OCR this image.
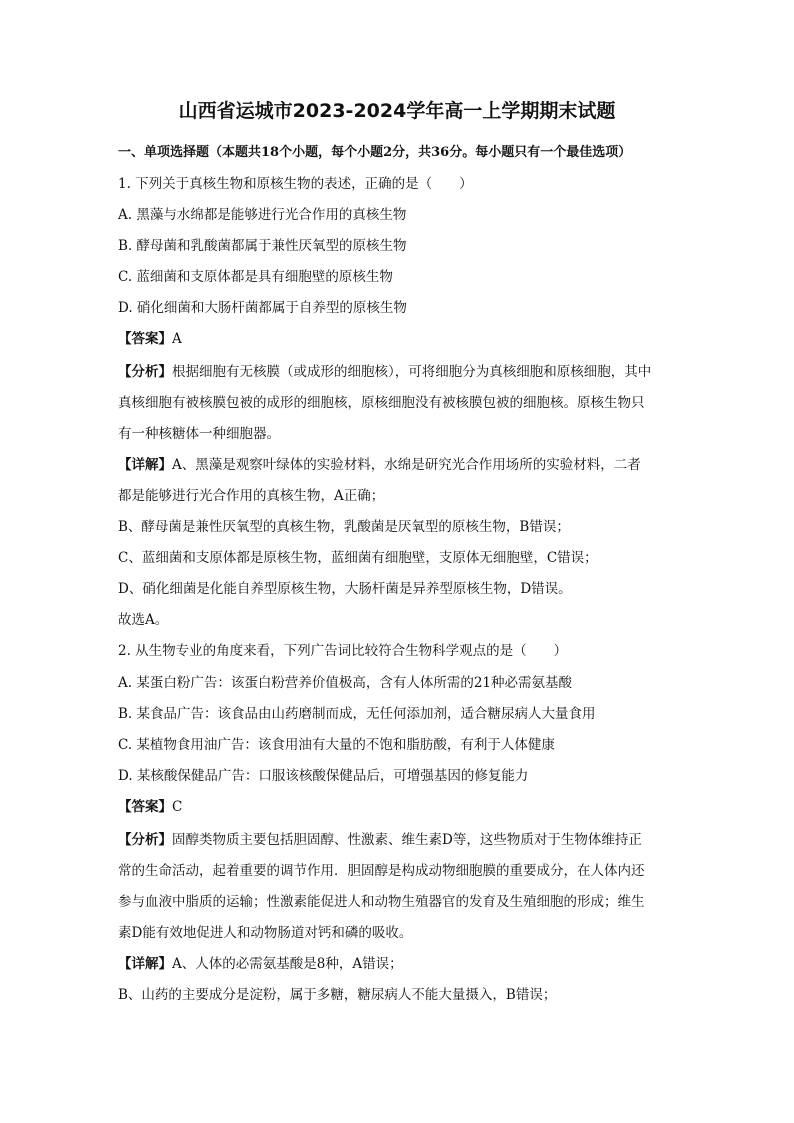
山西省运城市2023-2024学年高一上学期期末试题
一、单项选择题（本题共18个小题，每个小题2分，共36分。每小题只有一个最佳选项）
1. 下列关于真核生物和原核生物的表述，正确的是（　　）
A. 黑藻与水绵都是能够进行光合作用的真核生物
B. 酵母菌和乳酸菌都属于兼性厌氧型的原核生物
C. 蓝细菌和支原体都是具有细胞壁的原核生物
D. 硝化细菌和大肠杆菌都属于自养型的原核生物
【答案】A
【分析】根据细胞有无核膜（或成形的细胞核），可将细胞分为真核细胞和原核细胞，其中
真核细胞有被核膜包被的成形的细胞核，原核细胞没有被核膜包被的细胞核。原核生物只
有一种核糖体一种细胞器。
【详解】A、黑藻是观察叶绿体的实验材料，水绵是研究光合作用场所的实验材料，二者
都是能够进行光合作用的真核生物，A正确；
B、酵母菌是兼性厌氧型的真核生物，乳酸菌是厌氧型的原核生物，B错误；
C、蓝细菌和支原体都是原核生物，蓝细菌有细胞壁，支原体无细胞壁，C错误；
D、硝化细菌是化能自养型原核生物，大肠杆菌是异养型原核生物，D错误。
故选A。
2. 从生物专业的角度来看，下列广告词比较符合生物科学观点的是（　　）
A. 某蛋白粉广告：该蛋白粉营养价值极高，含有人体所需的21种必需氨基酸
B. 某食品广告：该食品由山药磨制而成，无任何添加剂，适合糖尿病人大量食用
C. 某植物食用油广告：该食用油有大量的不饱和脂肪酸，有利于人体健康
D. 某核酸保健品广告：口服该核酸保健品后，可增强基因的修复能力
【答案】C
【分析】固醇类物质主要包括胆固醇、性激素、维生素D等，这些物质对于生物体维持正
常的生命活动，起着重要的调节作用．胆固醇是构成动物细胞膜的重要成分，在人体内还
参与血液中脂质的运输；性激素能促进人和动物生殖器官的发育及生殖细胞的形成；维生
素D能有效地促进人和动物肠道对钙和磷的吸收。
【详解】A、人体的必需氨基酸是8种，A错误；
B、山药的主要成分是淀粉，属于多糖，糖尿病人不能大量摄入，B错误；
